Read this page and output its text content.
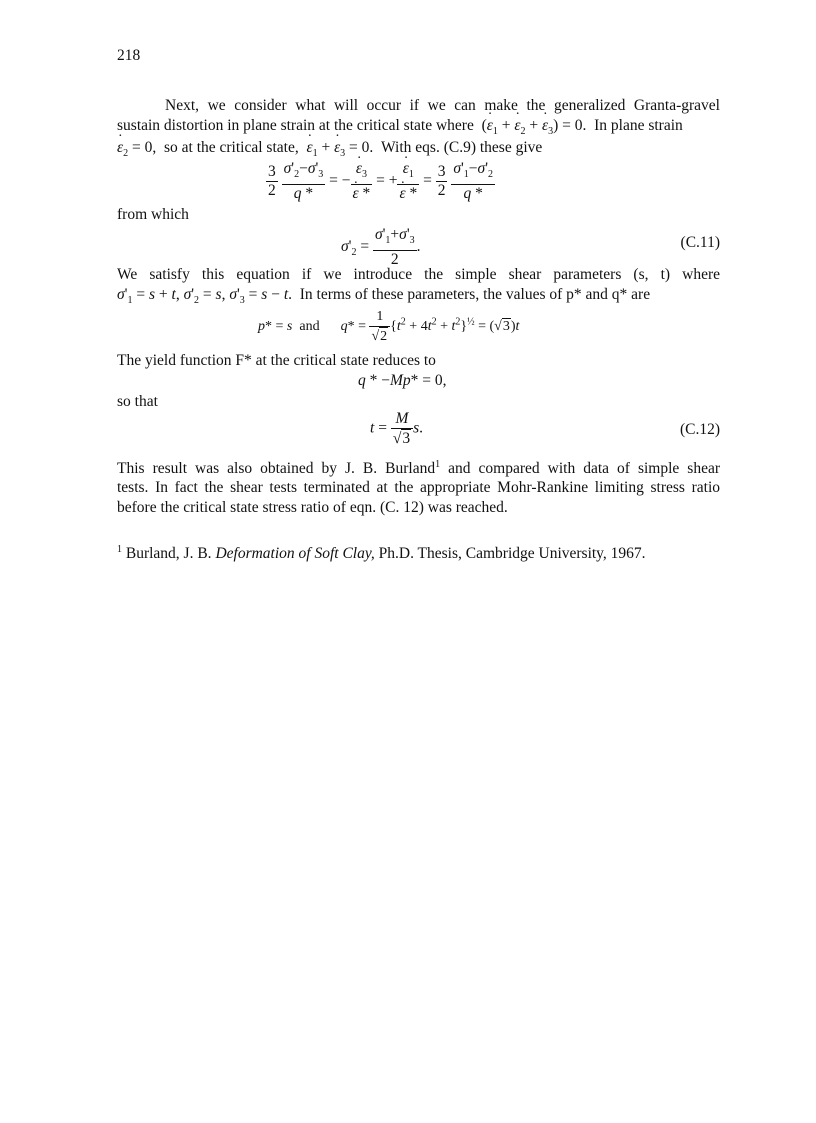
218
Next, we consider what will occur if we can make the generalized Granta-gravel
sustain distortion in plane strain at the critical state where  (· $\varepsilon_1$ + · $\varepsilon_2$ + · $\varepsilon_3) = 0$.  In plane strain
· $\varepsilon_2 = 0$,  so at the critical state, · $\varepsilon_1$ + · $\varepsilon_3 = 0$.  With eqs. (C.9) these give
$\frac{3}{2}$
$\frac{\sigma'_2-\sigma'_3}{q *}$ = − · $\varepsilon_3$
· ε * = + · $\varepsilon_1$
· ε * = $\frac{3}{2}$
$\frac{\sigma'_1-\sigma'_2}{q *}$
from which
$\sigma'_2 = \frac{\sigma'_1+\sigma'_3}{2}$ .	(C.11)
We satisfy this equation if we introduce the simple shear parameters (s, t) where
$\sigma'_1 = s + t$, $\sigma'_2 = s$, $\sigma'_3 = s - t$.  In terms of these parameters, the values of p* and q* are
p* = s and $q* = \frac{1}{√2} \{t^2 + 4t^2 + t^2\}^{\frac{1}{2}} = (√3)t$
The yield function F* at the critical state reduces to
q * −Mp* = 0,
so that
$t = \frac{M}{√3} s$.	(C.12)
This result was also obtained by J. B. Burland$^1$ and compared with data of simple shear
tests. In fact the shear tests terminated at the appropriate Mohr-Rankine limiting stress ratio
before the critical state stress ratio of eqn. (C. 12) was reached.
$^1$ Burland, J. B. Deformation of Soft Clay, Ph.D. Thesis, Cambridge University, 1967.
